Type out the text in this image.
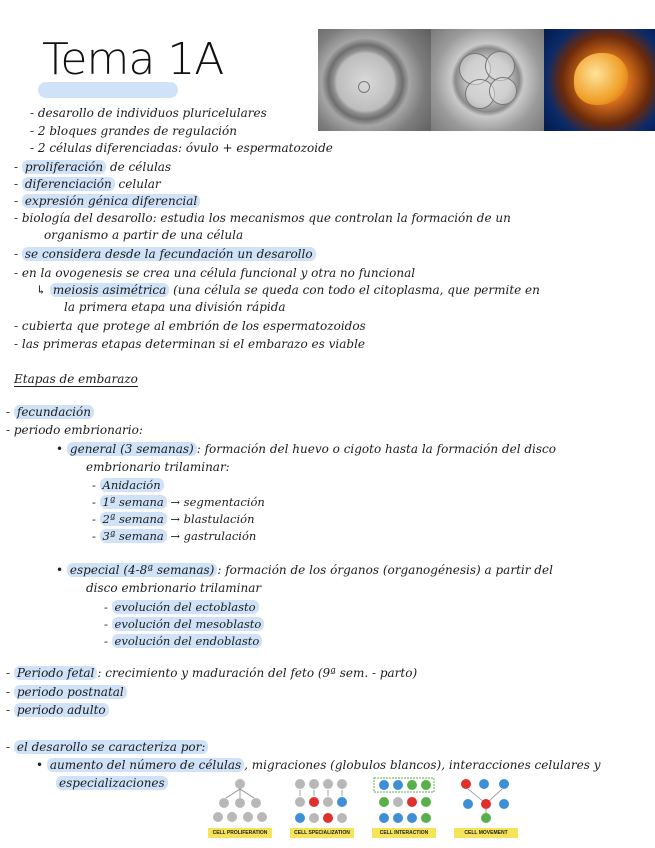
Tema 1A
- desarollo de individuos pluricelulares
- 2 bloques grandes de regulación
- 2 células diferenciadas: óvulo + espermatozoide
- proliferación de células
- diferenciación celular
- expresión génica diferencial
- biología del desarollo: estudia los mecanismos que controlan la formación de un
organismo a partir de una célula
- se considera desde la fecundación un desarollo
- en la ovogenesis se crea una célula funcional y otra no funcional
↳ meiosis asimétrica (una célula se queda con todo el citoplasma, que permite en
la primera etapa una división rápida
- cubierta que protege al embrión de los espermatozoidos
- las primeras etapas determinan si el embarazo es viable
Etapas de embarazo
- fecundación
- periodo embrionario:
• general (3 semanas) : formación del huevo o cigoto hasta la formación del disco
embrionario trilaminar:
- Anidación
- 1ª semana → segmentación
- 2ª semana → blastulación
- 3ª semana → gastrulación
• especial (4-8ª semanas) : formación de los órganos (organogénesis) a partir del
disco embrionario trilaminar
- evolución del ectoblasto
- evolución del mesoblasto
- evolución del endoblasto
- Periodo fetal : crecimiento y maduración del feto (9ª sem. - parto)
- periodo postnatal
- periodo adulto
- el desarollo se caracteriza por:
• aumento del número de células , migraciones (globulos blancos), interacciones celulares y
especializaciones
CELL PROLIFERATION	CELL SPECIALIZATION	CELL INTERACTION	CELL MOVEMENT
